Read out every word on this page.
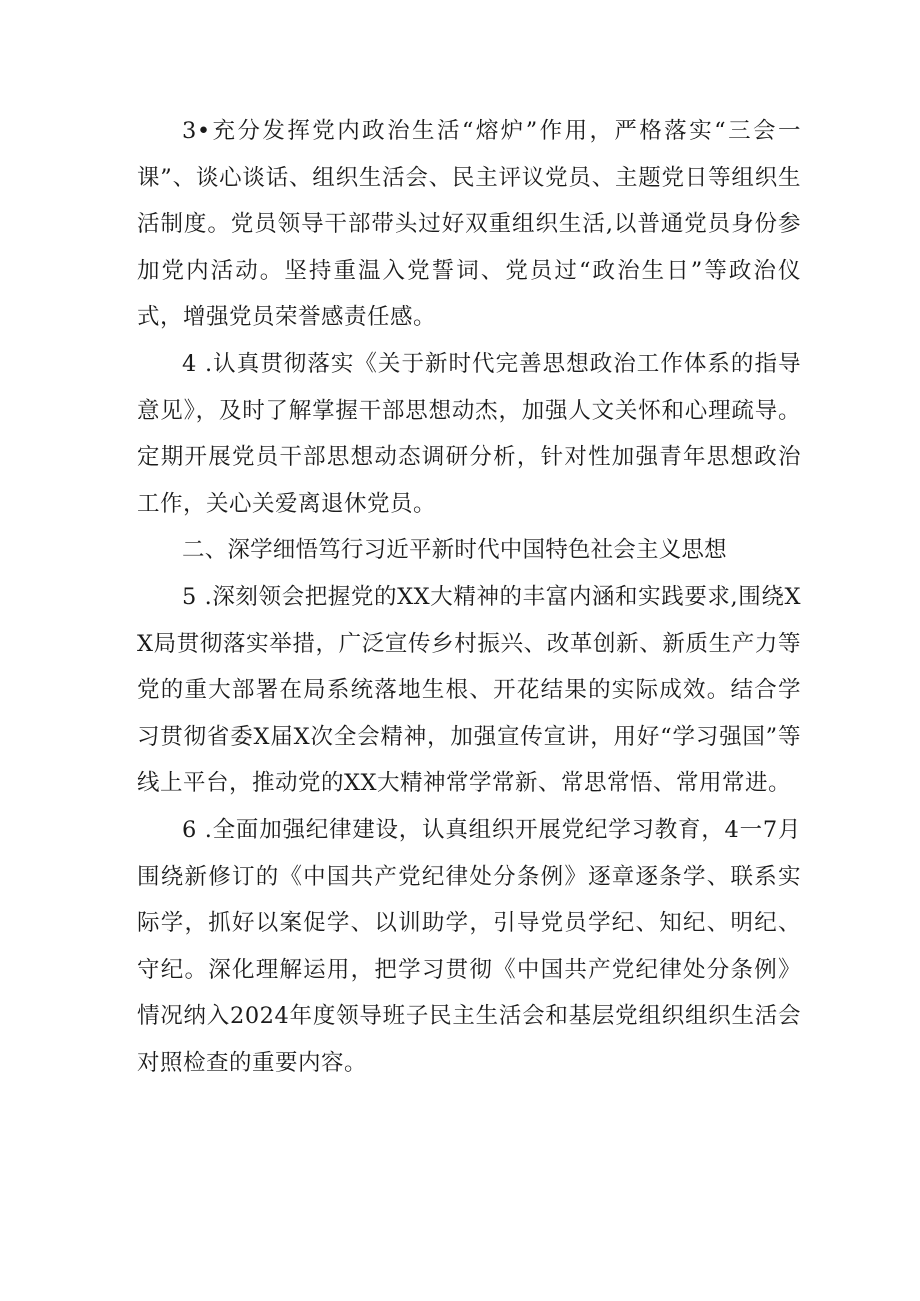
3•充分发挥党内政治生活“熔炉”作用，严格落实“三会一课”、谈心谈话、组织生活会、民主评议党员、主题党日等组织生活制度。党员领导干部带头过好双重组织生活,以普通党员身份参加党内活动。坚持重温入党誓词、党员过“政治生日”等政治仪式，增强党员荣誉感责任感。

4 .认真贯彻落实《关于新时代完善思想政治工作体系的指导意见》，及时了解掌握干部思想动杰，加强人文关怀和心理疏导。定期开展党员干部思想动态调研分析，针对性加强青年思想政治工作，关心关爱离退休党员。

二、深学细悟笃行习近平新时代中国特色社会主义思想

5 .深刻领会把握党的XX大精神的丰富内涵和实践要求,围绕XX局贯彻落实举措，广泛宣传乡村振兴、改革创新、新质生产力等党的重大部署在局系统落地生根、开花结果的实际成效。结合学习贯彻省委X届X次全会精神，加强宣传宣讲，用好“学习强国”等线上平台，推动党的XX大精神常学常新、常思常悟、常用常进。

6 .全面加强纪律建设，认真组织开展党纪学习教育，4一7月围绕新修订的《中国共产党纪律处分条例》逐章逐条学、联系实际学，抓好以案促学、以训助学，引导党员学纪、知纪、明纪、守纪。深化理解运用，把学习贯彻《中国共产党纪律处分条例》情况纳入2024年度领导班子民主生活会和基层党组织组织生活会对照检查的重要内容。
